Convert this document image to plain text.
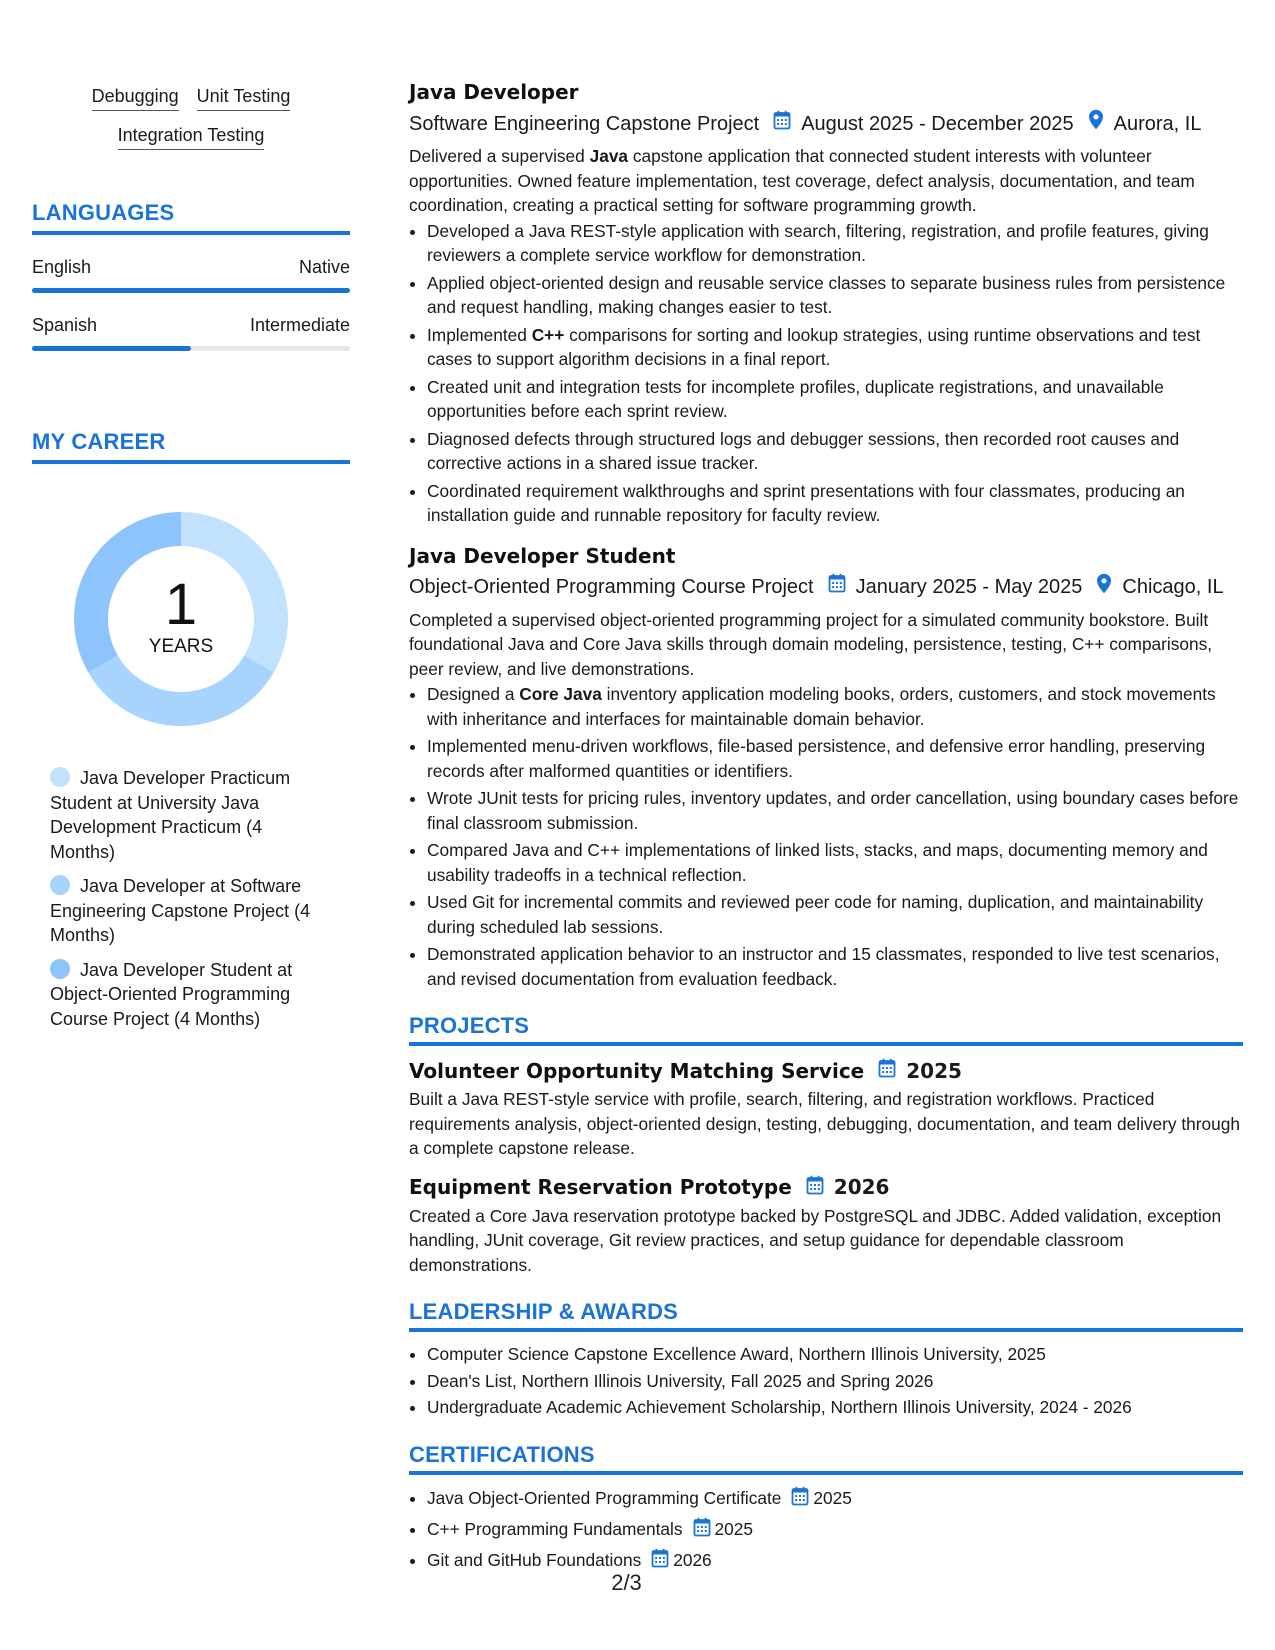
Debugging Unit Testing
Integration Testing
LANGUAGES
English	Native
Spanish	Intermediate
MY CAREER
1
YEARS
Java Developer Practicum Student at University Java Development Practicum (4 Months)
Java Developer at Software Engineering Capstone Project (4 Months)
Java Developer Student at Object-Oriented Programming Course Project (4 Months)
Java Developer
Software Engineering Capstone Project August 2025 - December 2025 Aurora, IL

Delivered a supervised Java capstone application that connected student interests with volunteer opportunities. Owned feature implementation, test coverage, defect analysis, documentation, and team coordination, creating a practical setting for software programming growth.

• Developed a Java REST-style application with search, filtering, registration, and profile features, giving reviewers a complete service workflow for demonstration.
• Applied object-oriented design and reusable service classes to separate business rules from persistence and request handling, making changes easier to test.
• Implemented C++ comparisons for sorting and lookup strategies, using runtime observations and test cases to support algorithm decisions in a final report.
• Created unit and integration tests for incomplete profiles, duplicate registrations, and unavailable opportunities before each sprint review.
• Diagnosed defects through structured logs and debugger sessions, then recorded root causes and corrective actions in a shared issue tracker.
• Coordinated requirement walkthroughs and sprint presentations with four classmates, producing an installation guide and runnable repository for faculty review.
Java Developer Student
Object-Oriented Programming Course Project January 2025 - May 2025 Chicago, IL

Completed a supervised object-oriented programming project for a simulated community bookstore. Built foundational Java and Core Java skills through domain modeling, persistence, testing, C++ comparisons, peer review, and live demonstrations.

• Designed a Core Java inventory application modeling books, orders, customers, and stock movements with inheritance and interfaces for maintainable domain behavior.
• Implemented menu-driven workflows, file-based persistence, and defensive error handling, preserving records after malformed quantities or identifiers.
• Wrote JUnit tests for pricing rules, inventory updates, and order cancellation, using boundary cases before final classroom submission.
• Compared Java and C++ implementations of linked lists, stacks, and maps, documenting memory and usability tradeoffs in a technical reflection.
• Used Git for incremental commits and reviewed peer code for naming, duplication, and maintainability during scheduled lab sessions.
• Demonstrated application behavior to an instructor and 15 classmates, responded to live test scenarios, and revised documentation from evaluation feedback.
PROJECTS
Volunteer Opportunity Matching Service 2025

Built a Java REST-style service with profile, search, filtering, and registration workflows. Practiced requirements analysis, object-oriented design, testing, debugging, documentation, and team delivery through a complete capstone release.

Equipment Reservation Prototype 2026

Created a Core Java reservation prototype backed by PostgreSQL and JDBC. Added validation, exception handling, JUnit coverage, Git review practices, and setup guidance for dependable classroom demonstrations.

LEADERSHIP & AWARDS
• Computer Science Capstone Excellence Award, Northern Illinois University, 2025
• Dean's List, Northern Illinois University, Fall 2025 and Spring 2026
• Undergraduate Academic Achievement Scholarship, Northern Illinois University, 2024 - 2026
CERTIFICATIONS
• Java Object-Oriented Programming Certificate 2025
• C++ Programming Fundamentals 2025
• Git and GitHub Foundations 2026
2/3
